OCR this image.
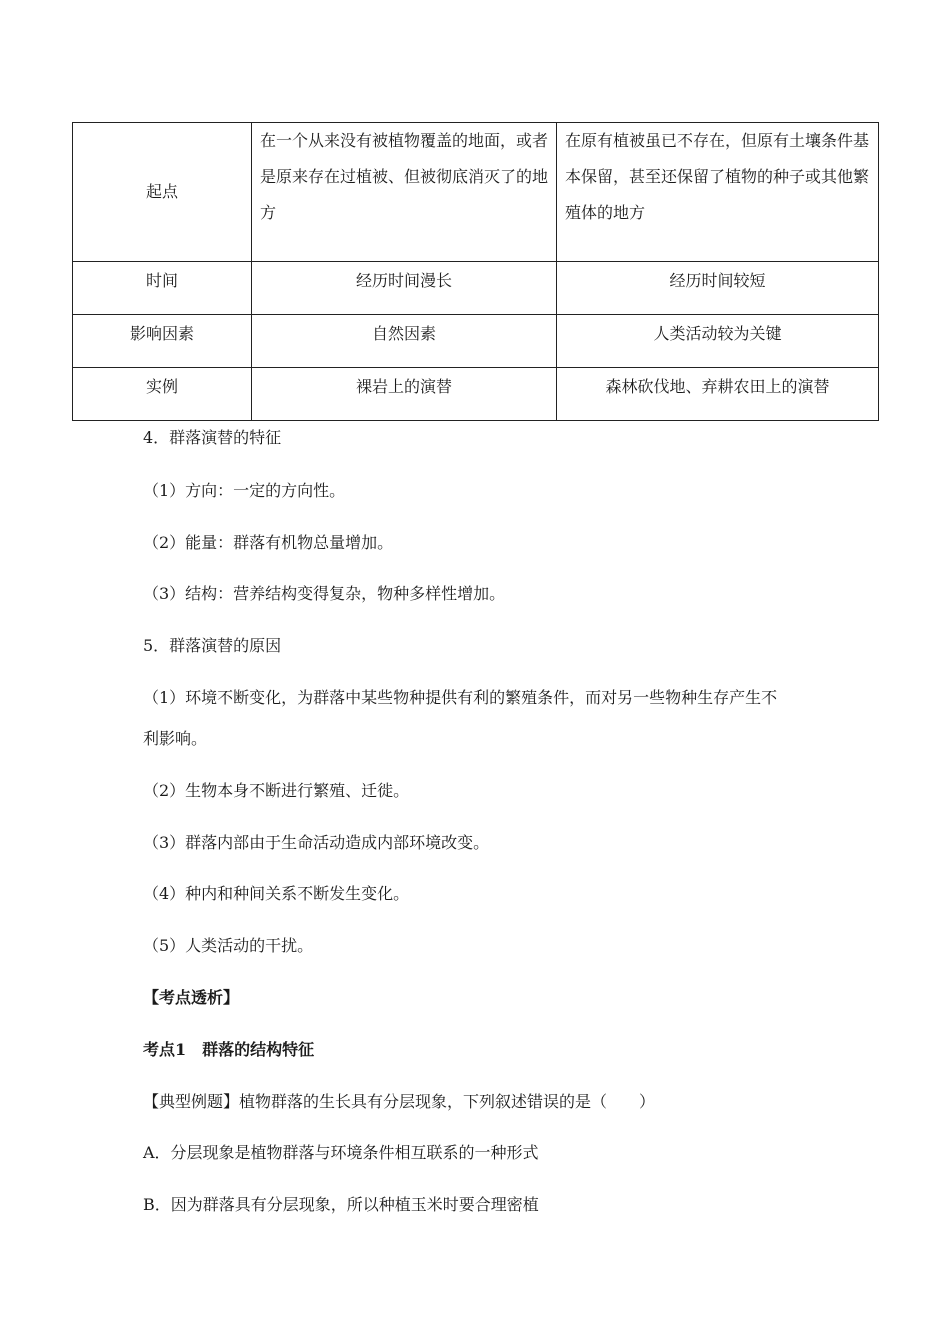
起点	在一个从来没有被植物覆盖的地面，或者是原来存在过植被、但被彻底消灭了的地方	在原有植被虽已不存在，但原有土壤条件基本保留，甚至还保留了植物的种子或其他繁殖体的地方
时间	经历时间漫长	经历时间较短
影响因素	自然因素	人类活动较为关键
实例	裸岩上的演替	森林砍伐地、弃耕农田上的演替
4．群落演替的特征
（1）方向：一定的方向性。
（2）能量：群落有机物总量增加。
（3）结构：营养结构变得复杂，物种多样性增加。
5．群落演替的原因
（1）环境不断变化，为群落中某些物种提供有利的繁殖条件，而对另一些物种生存产生不
利影响。
（2）生物本身不断进行繁殖、迁徙。
（3）群落内部由于生命活动造成内部环境改变。
（4）种内和种间关系不断发生变化。
（5）人类活动的干扰。
【考点透析】
考点1　群落的结构特征
【典型例题】植物群落的生长具有分层现象，下列叙述错误的是（　　）
A．分层现象是植物群落与环境条件相互联系的一种形式
B．因为群落具有分层现象，所以种植玉米时要合理密植
